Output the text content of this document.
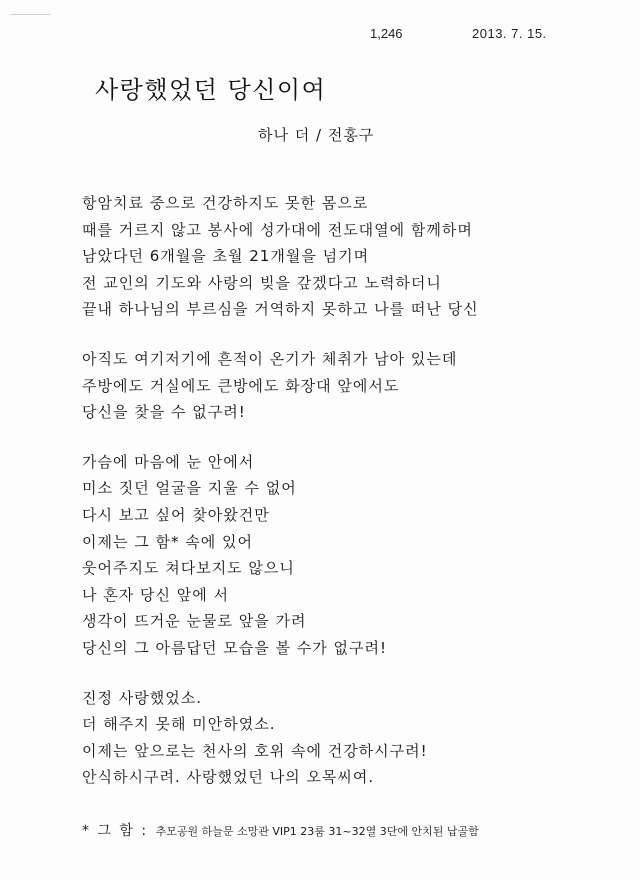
1,246	2013. 7. 15.
사랑했었던 당신이여
하나 더 / 전홍구
항암치료 중으로 건강하지도 못한 몸으로
때를 거르지 않고 봉사에 성가대에 전도대열에 함께하며
남았다던 6개월을 초월 21개월을 넘기며
전 교인의 기도와 사랑의 빚을 갚겠다고 노력하더니
끝내 하나님의 부르심을 거역하지 못하고 나를 떠난 당신
아직도 여기저기에 흔적이 온기가 체취가 남아 있는데
주방에도 거실에도 큰방에도 화장대 앞에서도
당신을 찾을 수 없구려!
가슴에 마음에 눈 안에서
미소 짓던 얼굴을 지울 수 없어
다시 보고 싶어 찾아왔건만
이제는 그 함* 속에 있어
웃어주지도 쳐다보지도 않으니
나 혼자 당신 앞에 서
생각이 뜨거운 눈물로 앞을 가려
당신의 그 아름답던 모습을 볼 수가 없구려!
진정 사랑했었소.
더 해주지 못해 미안하였소.
이제는 앞으로는 천사의 호위 속에 건강하시구려!
안식하시구려. 사랑했었던 나의 오목씨여.
* 그 함 : 추모공원 하늘문 소망관 VIP1 23룸 31~32열 3단에 안치된 납골함
